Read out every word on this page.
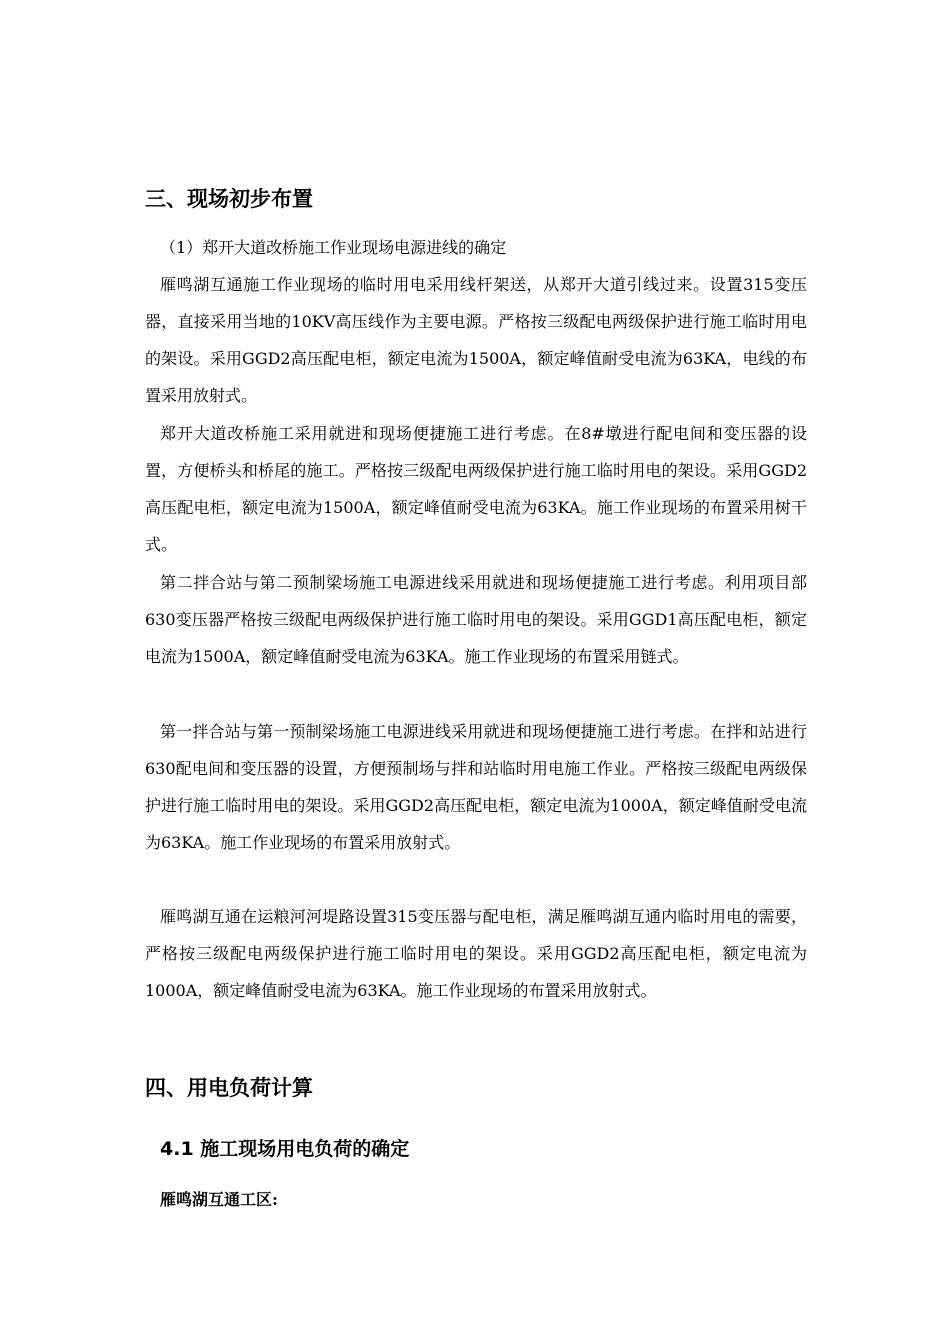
三、现场初步布置
（1）郑开大道改桥施工作业现场电源进线的确定

雁鸣湖互通施工作业现场的临时用电采用线杆架送，从郑开大道引线过来。设置315变压器，直接采用当地的10KV高压线作为主要电源。严格按三级配电两级保护进行施工临时用电的架设。采用GGD2高压配电柜，额定电流为1500A，额定峰值耐受电流为63KA，电线的布置采用放射式。

郑开大道改桥施工采用就进和现场便捷施工进行考虑。在8#墩进行配电间和变压器的设置，方便桥头和桥尾的施工。严格按三级配电两级保护进行施工临时用电的架设。采用GGD2高压配电柜，额定电流为1500A，额定峰值耐受电流为63KA。施工作业现场的布置采用树干式。

第二拌合站与第二预制梁场施工电源进线采用就进和现场便捷施工进行考虑。利用项目部630变压器严格按三级配电两级保护进行施工临时用电的架设。采用GGD1高压配电柜，额定电流为1500A，额定峰值耐受电流为63KA。施工作业现场的布置采用链式。

第一拌合站与第一预制梁场施工电源进线采用就进和现场便捷施工进行考虑。在拌和站进行630配电间和变压器的设置，方便预制场与拌和站临时用电施工作业。严格按三级配电两级保护进行施工临时用电的架设。采用GGD2高压配电柜，额定电流为1000A，额定峰值耐受电流为63KA。施工作业现场的布置采用放射式。

雁鸣湖互通在运粮河河堤路设置315变压器与配电柜，满足雁鸣湖互通内临时用电的需要，严格按三级配电两级保护进行施工临时用电的架设。采用GGD2高压配电柜，额定电流为1000A，额定峰值耐受电流为63KA。施工作业现场的布置采用放射式。

四、用电负荷计算
4.1 施工现场用电负荷的确定
雁鸣湖互通工区:
